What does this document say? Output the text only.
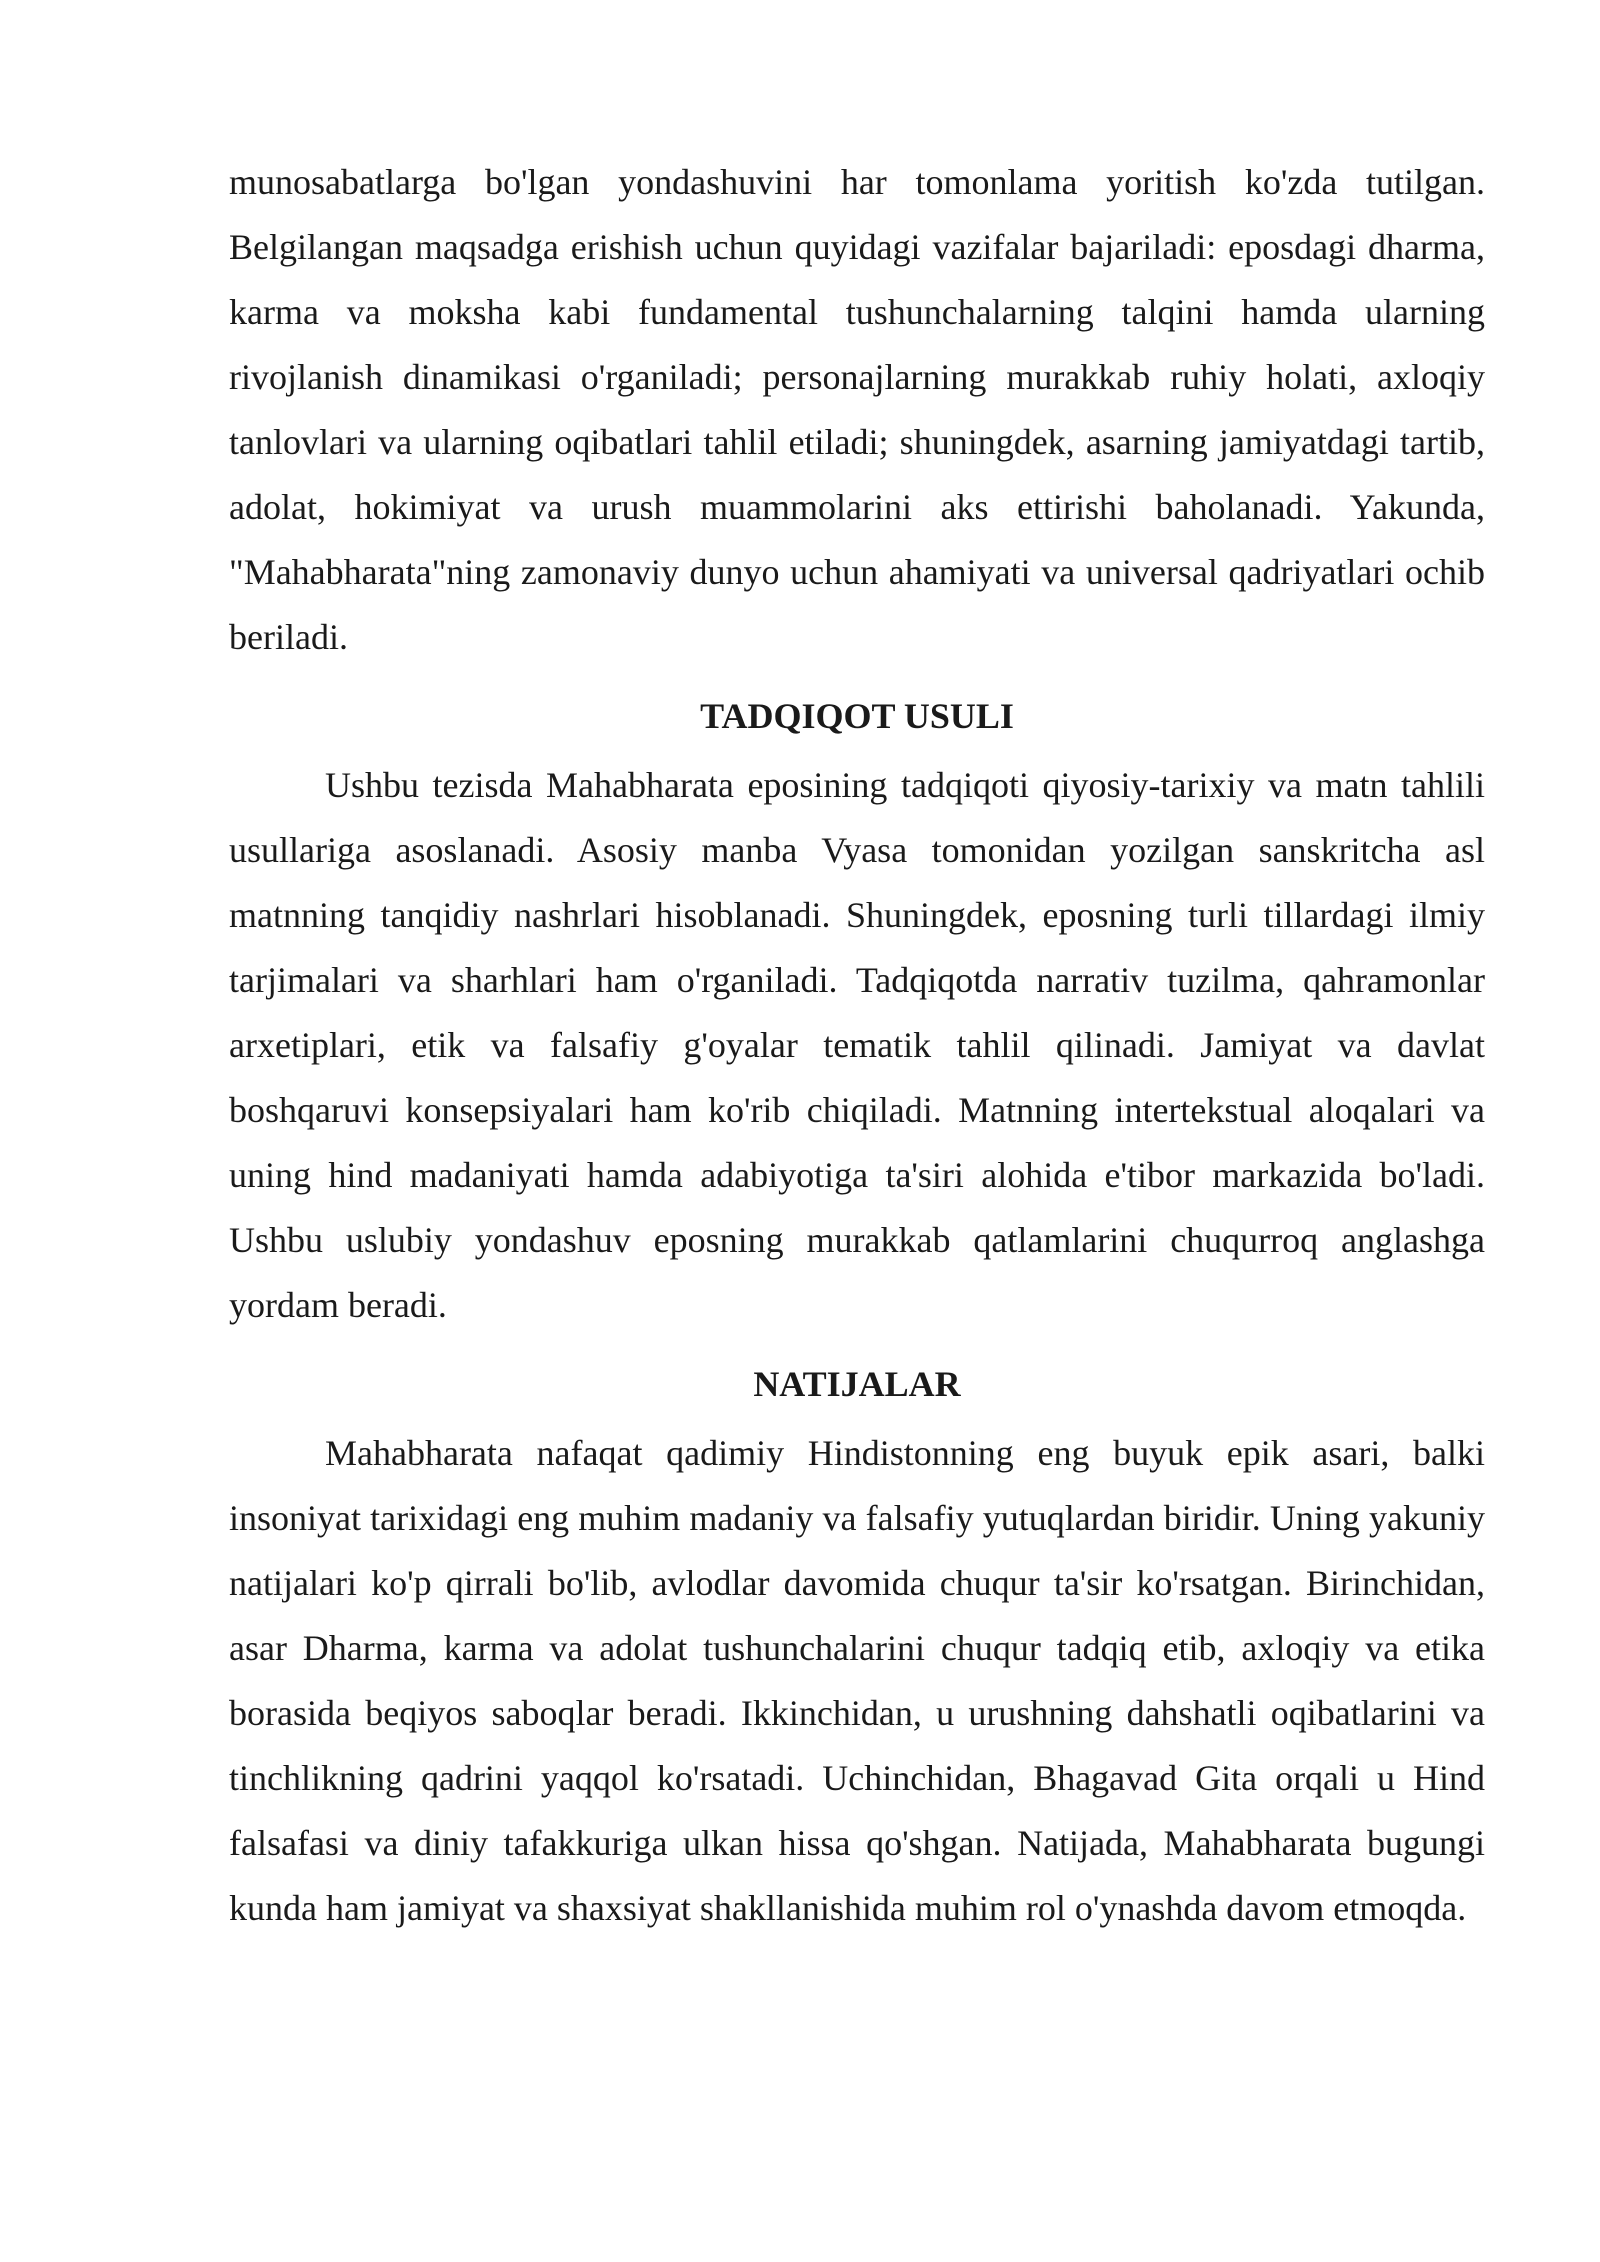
munosabatlarga bo'lgan yondashuvini har tomonlama yoritish ko'zda tutilgan. Belgilangan maqsadga erishish uchun quyidagi vazifalar bajariladi: eposdagi dharma, karma va moksha kabi fundamental tushunchalarning talqini hamda ularning rivojlanish dinamikasi o'rganiladi; personajlarning murakkab ruhiy holati, axloqiy tanlovlari va ularning oqibatlari tahlil etiladi; shuningdek, asarning jamiyatdagi tartib, adolat, hokimiyat va urush muammolarini aks ettirishi baholanadi. Yakunda, "Mahabharata"ning zamonaviy dunyo uchun ahamiyati va universal qadriyatlari ochib beriladi.

TADQIQOT USULI

Ushbu tezisda Mahabharata eposining tadqiqoti qiyosiy-tarixiy va matn tahlili usullariga asoslanadi. Asosiy manba Vyasa tomonidan yozilgan sanskritcha asl matnning tanqidiy nashrlari hisoblanadi. Shuningdek, eposning turli tillardagi ilmiy tarjimalari va sharhlari ham o'rganiladi. Tadqiqotda narrativ tuzilma, qahramonlar arxetiplari, etik va falsafiy g'oyalar tematik tahlil qilinadi. Jamiyat va davlat boshqaruvi konsepsiyalari ham ko'rib chiqiladi. Matnning intertekstual aloqalari va uning hind madaniyati hamda adabiyotiga ta'siri alohida e'tibor markazida bo'ladi. Ushbu uslubiy yondashuv eposning murakkab qatlamlarini chuqurroq anglashga yordam beradi.

NATIJALAR

Mahabharata nafaqat qadimiy Hindistonning eng buyuk epik asari, balki insoniyat tarixidagi eng muhim madaniy va falsafiy yutuqlardan biridir. Uning yakuniy natijalari ko'p qirrali bo'lib, avlodlar davomida chuqur ta'sir ko'rsatgan. Birinchidan, asar Dharma, karma va adolat tushunchalarini chuqur tadqiq etib, axloqiy va etika borasida beqiyos saboqlar beradi. Ikkinchidan, u urushning dahshatli oqibatlarini va tinchlikning qadrini yaqqol ko'rsatadi. Uchinchidan, Bhagavad Gita orqali u Hind falsafasi va diniy tafakkuriga ulkan hissa qo'shgan. Natijada, Mahabharata bugungi kunda ham jamiyat va shaxsiyat shakllanishida muhim rol o'ynashda davom etmoqda.
